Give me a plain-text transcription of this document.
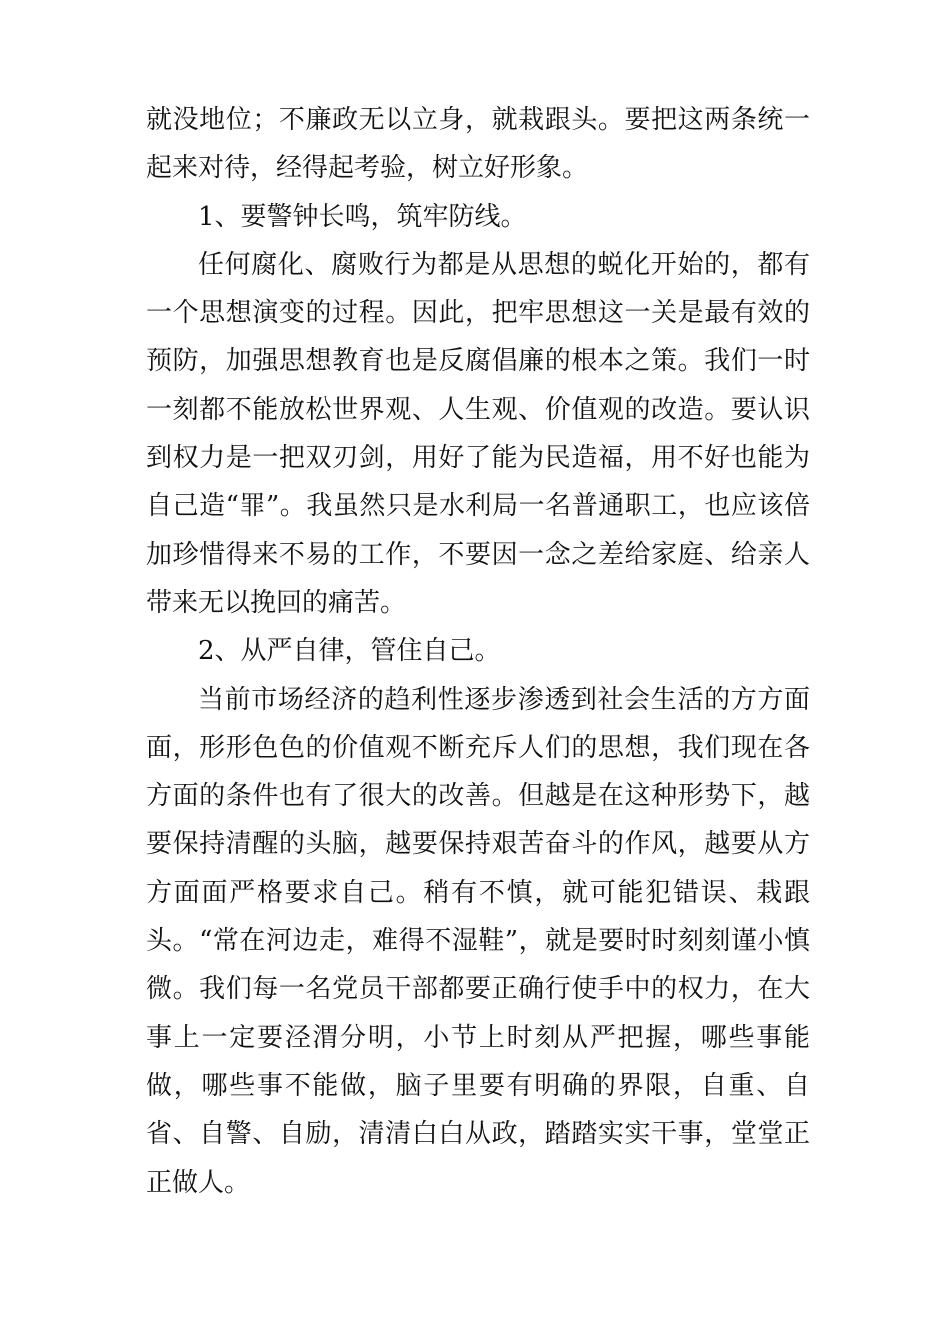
就没地位；不廉政无以立身，就栽跟头。要把这两条统一起来对待，经得起考验，树立好形象。

1、要警钟长鸣，筑牢防线。

任何腐化、腐败行为都是从思想的蜕化开始的，都有一个思想演变的过程。因此，把牢思想这一关是最有效的预防，加强思想教育也是反腐倡廉的根本之策。我们一时一刻都不能放松世界观、人生观、价值观的改造。要认识到权力是一把双刃剑，用好了能为民造福，用不好也能为自己造“罪”。我虽然只是水利局一名普通职工，也应该倍加珍惜得来不易的工作，不要因一念之差给家庭、给亲人带来无以挽回的痛苦。

2、从严自律，管住自己。

当前市场经济的趋利性逐步渗透到社会生活的方方面面，形形色色的价值观不断充斥人们的思想，我们现在各方面的条件也有了很大的改善。但越是在这种形势下，越要保持清醒的头脑，越要保持艰苦奋斗的作风，越要从方方面面严格要求自己。稍有不慎，就可能犯错误、栽跟头。“常在河边走，难得不湿鞋”，就是要时时刻刻谨小慎微。我们每一名党员干部都要正确行使手中的权力，在大事上一定要泾渭分明，小节上时刻从严把握，哪些事能做，哪些事不能做，脑子里要有明确的界限，自重、自省、自警、自励，清清白白从政，踏踏实实干事，堂堂正正做人。
